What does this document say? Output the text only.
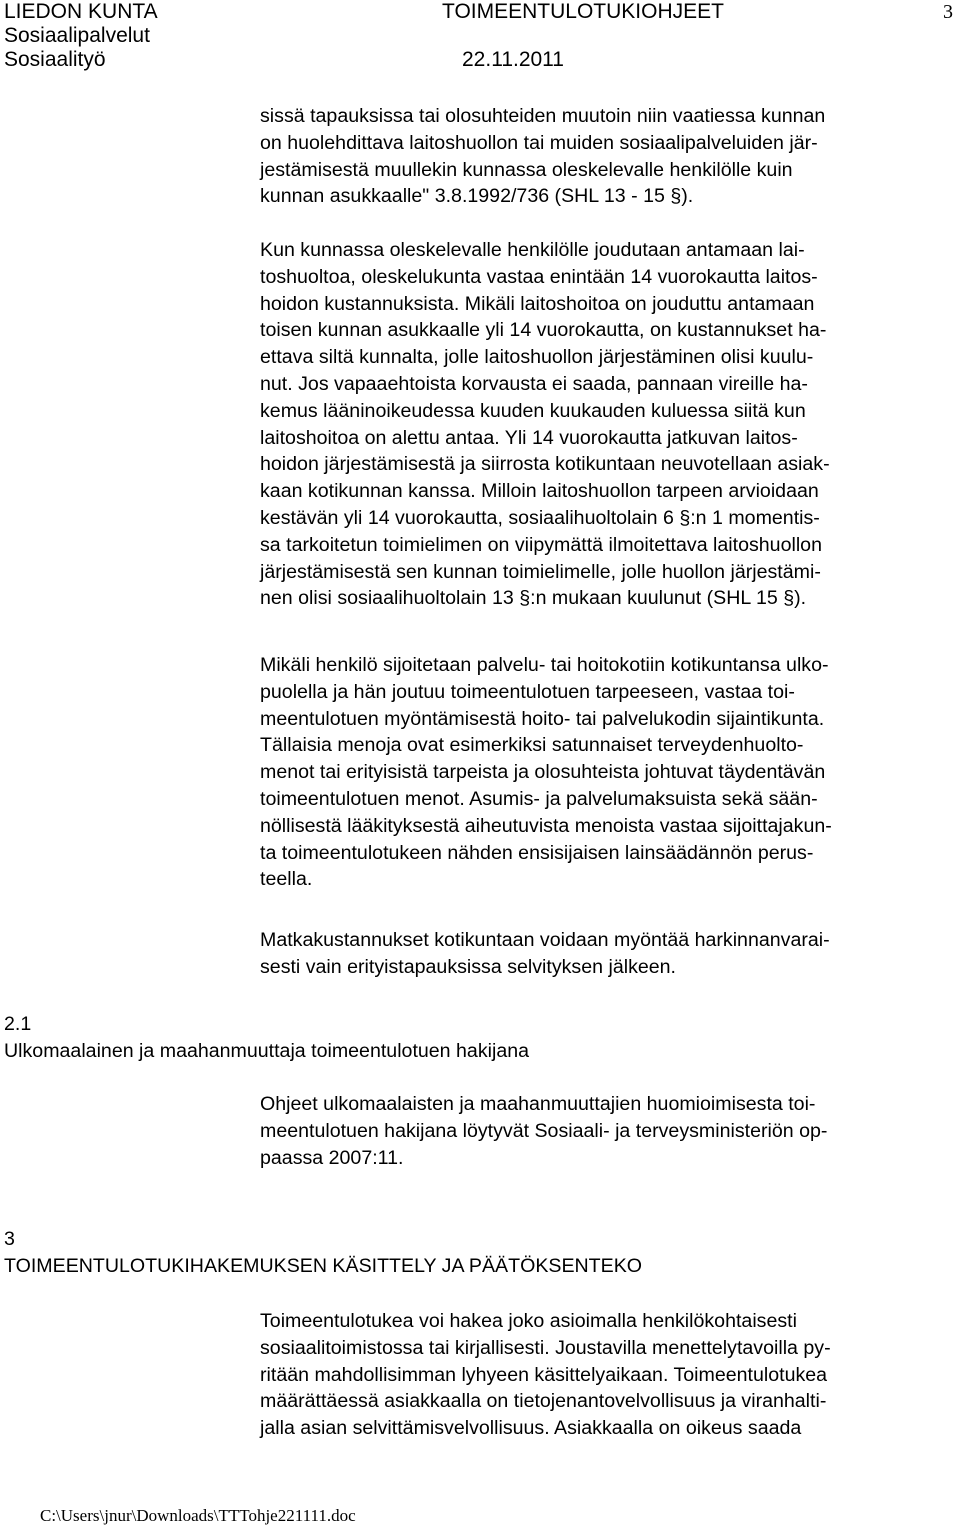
LIEDON KUNTA
Sosiaalipalvelut
Sosiaalityö
TOIMEENTULOTUKIOHJEET
22.11.2011
3

sissä tapauksissa tai olosuhteiden muutoin niin vaatiessa kunnan
on huolehdittava laitoshuollon tai muiden sosiaalipalveluiden jär-
jestämisestä muullekin kunnassa oleskelevalle henkilölle kuin
kunnan asukkaalle" 3.8.1992/736 (SHL 13 - 15 §).

Kun kunnassa oleskelevalle henkilölle joudutaan antamaan lai-
toshuoltoa, oleskelukunta vastaa enintään 14 vuorokautta laitos-
hoidon kustannuksista. Mikäli laitoshoitoa on jouduttu antamaan
toisen kunnan asukkaalle yli 14 vuorokautta, on kustannukset ha-
ettava siltä kunnalta, jolle laitoshuollon järjestäminen olisi kuulu-
nut. Jos vapaaehtoista korvausta ei saada, pannaan vireille ha-
kemus lääninoikeudessa kuuden kuukauden kuluessa siitä kun
laitoshoitoa on alettu antaa. Yli 14 vuorokautta jatkuvan laitos-
hoidon järjestämisestä ja siirrosta kotikuntaan neuvotellaan asiak-
kaan kotikunnan kanssa. Milloin laitoshuollon tarpeen arvioidaan
kestävän yli 14 vuorokautta, sosiaalihuoltolain 6 §:n 1 momentis-
sa tarkoitetun toimielimen on viipymättä ilmoitettava laitoshuollon
järjestämisestä sen kunnan toimielimelle, jolle huollon järjestämi-
nen olisi sosiaalihuoltolain 13 §:n mukaan kuulunut (SHL 15 §).

Mikäli henkilö sijoitetaan palvelu- tai hoitokotiin kotikuntansa ulko-
puolella ja hän joutuu toimeentulotuen tarpeeseen, vastaa toi-
meentulotuen myöntämisestä hoito- tai palvelukodin sijaintikunta.
Tällaisia menoja ovat esimerkiksi satunnaiset terveydenhuolto-
menot tai erityisistä tarpeista ja olosuhteista johtuvat täydentävän
toimeentulotuen menot. Asumis- ja palvelumaksuista sekä sään-
nöllisestä lääkityksestä aiheutuvista menoista vastaa sijoittajakun-
ta toimeentulotukeen nähden ensisijaisen lainsäädännön perus-
teella.

Matkakustannukset kotikuntaan voidaan myöntää harkinnanvarai-
sesti vain erityistapauksissa selvityksen jälkeen.

2.1
Ulkomaalainen ja maahanmuuttaja toimeentulotuen hakijana

Ohjeet ulkomaalaisten ja maahanmuuttajien huomioimisesta toi-
meentulotuen hakijana löytyvät Sosiaali- ja terveysministeriön op-
paassa 2007:11.

3
TOIMEENTULOTUKIHAKEMUKSEN KÄSITTELY JA PÄÄTÖKSENTEKO

Toimeentulotukea voi hakea joko asioimalla henkilökohtaisesti
sosiaalitoimistossa tai kirjallisesti. Joustavilla menettelytavoilla py-
ritään mahdollisimman lyhyeen käsittelyaikaan. Toimeentulotukea
määrättäessä asiakkaalla on tietojenantovelvollisuus ja viranhalti-
jalla asian selvittämisvelvollisuus. Asiakkaalla on oikeus saada

C:\Users\jnur\Downloads\TTTohje221111.doc
